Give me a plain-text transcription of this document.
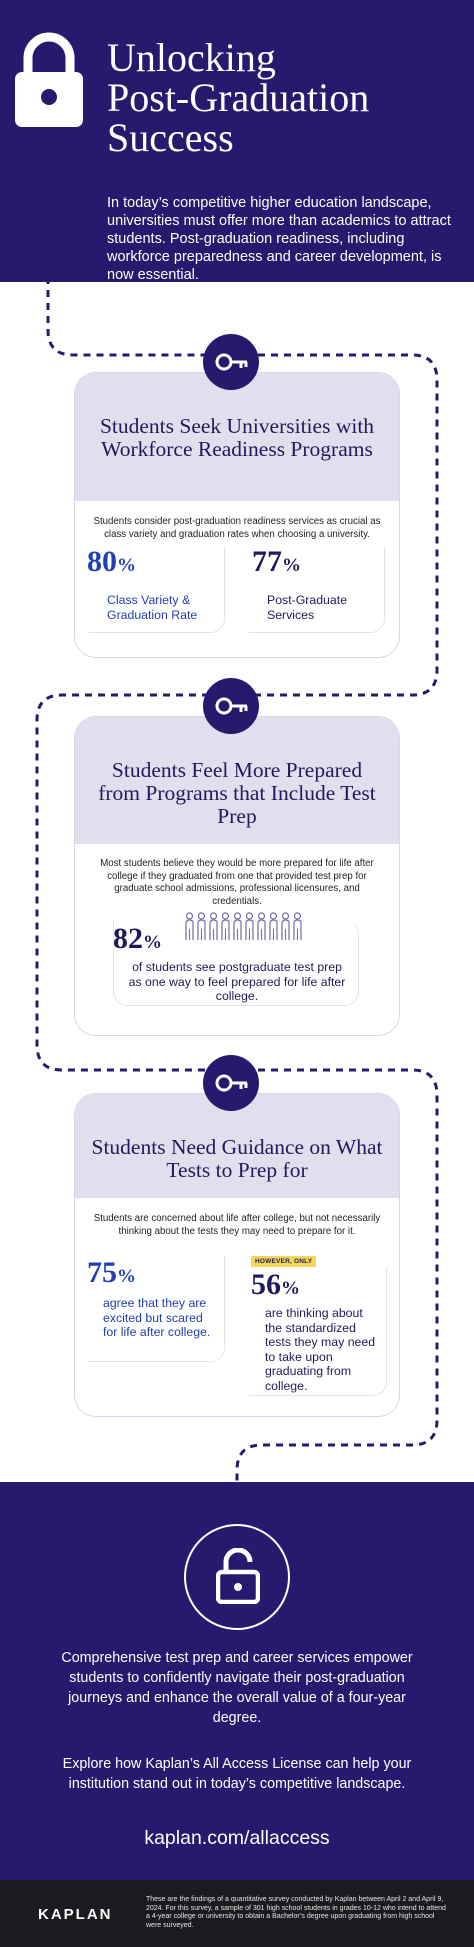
Unlocking
Post-Graduation
Success

In today’s competitive higher education landscape, universities must offer more than academics to attract students. Post-graduation readiness, including workforce preparedness and career development, is now essential.

Students Seek Universities with Workforce Readiness Programs
Students consider post-graduation readiness services as crucial as class variety and graduation rates when choosing a university.
80%
Class Variety &
Graduation Rate
77%
Post-Graduate
Services
Students Feel More Prepared from Programs that Include Test Prep
Most students believe they would be more prepared for life after college if they graduated from one that provided test prep for graduate school admissions, professional licensures, and credentials.
82%
of students see postgraduate test prep as one way to feel prepared for life after college.
Students Need Guidance on What Tests to Prep for
Students are concerned about life after college, but not necessarily thinking about the tests they may need to prepare for it.
75%
agree that they are excited but scared for life after college.
HOWEVER, ONLY
56%
are thinking about the standardized tests they may need to take upon graduating from college.

Comprehensive test prep and career services empower students to confidently navigate their post-graduation journeys and enhance the overall value of a four-year degree.

Explore how Kaplan’s All Access License can help your institution stand out in today’s competitive landscape.

kaplan.com/allaccess
KAPLAN

These are the findings of a quantitative survey conducted by Kaplan between April 2 and April 9, 2024. For this survey, a sample of 301 high school students in grades 10-12 who intend to attend a 4-year college or university to obtain a Bachelor’s degree upon graduating from high school were surveyed.
